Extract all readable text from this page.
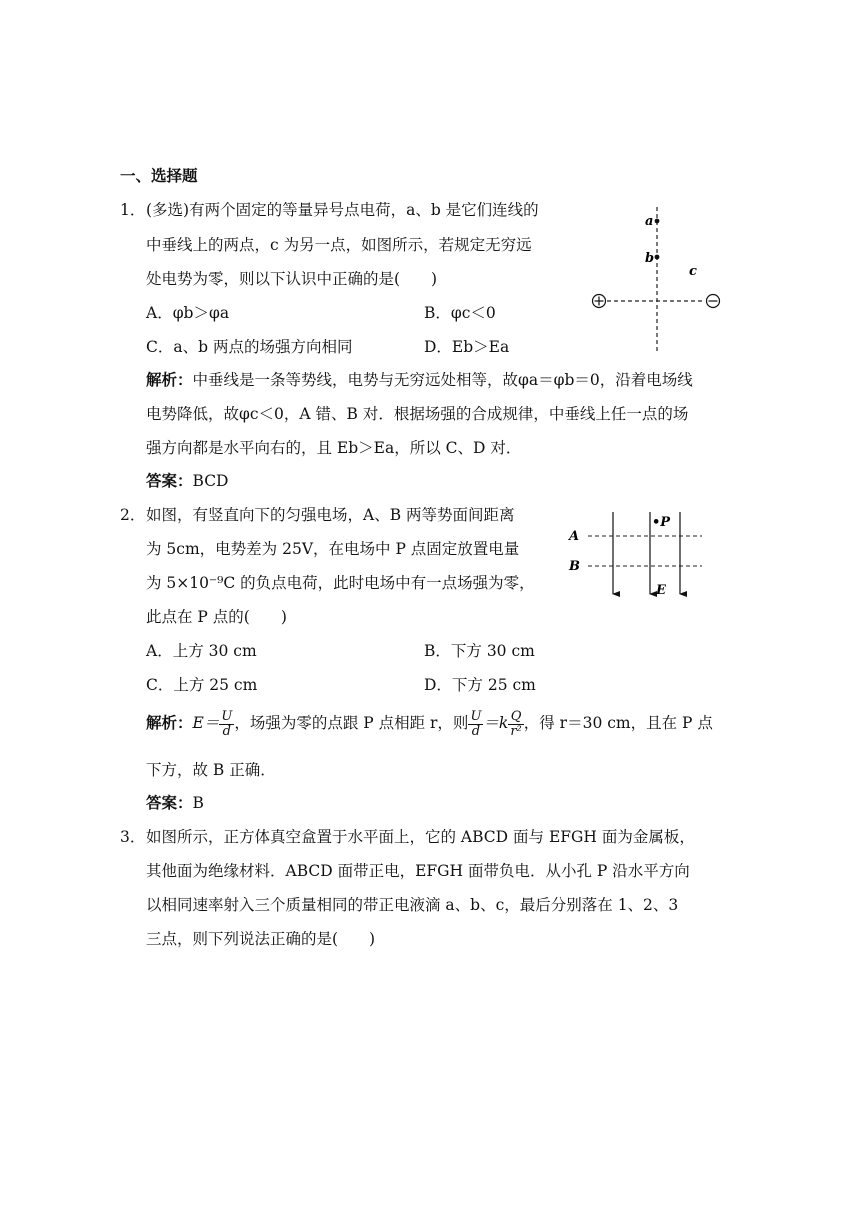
一、选择题
1． (多选)有两个固定的等量异号点电荷，a、b 是它们连线的
中垂线上的两点，c 为另一点，如图所示，若规定无穷远
处电势为零，则以下认识中正确的是(　　)
A．φb＞φa	B．φc＜0
C．a、b 两点的场强方向相同	D．Eb＞Ea
解析：中垂线是一条等势线，电势与无穷远处相等，故φa＝φb＝0，沿着电场线
电势降低，故φc＜0，A 错、B 对．根据场强的合成规律，中垂线上任一点的场
强方向都是水平向右的，且 Eb＞Ea，所以 C、D 对．
答案：BCD
a
b
c
2． 如图，有竖直向下的匀强电场，A、B 两等势面间距离
为 5cm，电势差为 25V，在电场中 P 点固定放置电量
为 5×10⁻⁹C 的负点电荷，此时电场中有一点场强为零，
此点在 P 点的(　　)
A．上方 30 cm	B．下方 30 cm
C．上方 25 cm	D．下方 25 cm
解析：$E= \frac{U}{d}$ ，场强为零的点跟 P 点相距 r，则 $\frac{U}{d} =k \frac{Q}{\text{r²}}$ ，得 r＝30 cm，且在 P 点
下方，故 B 正确．
答案：B
A
B
•P
E
3． 如图所示，正方体真空盒置于水平面上，它的 ABCD 面与 EFGH 面为金属板，
其他面为绝缘材料．ABCD 面带正电，EFGH 面带负电．从小孔 P 沿水平方向
以相同速率射入三个质量相同的带正电液滴 a、b、c，最后分别落在 1、2、3
三点，则下列说法正确的是(　　)
